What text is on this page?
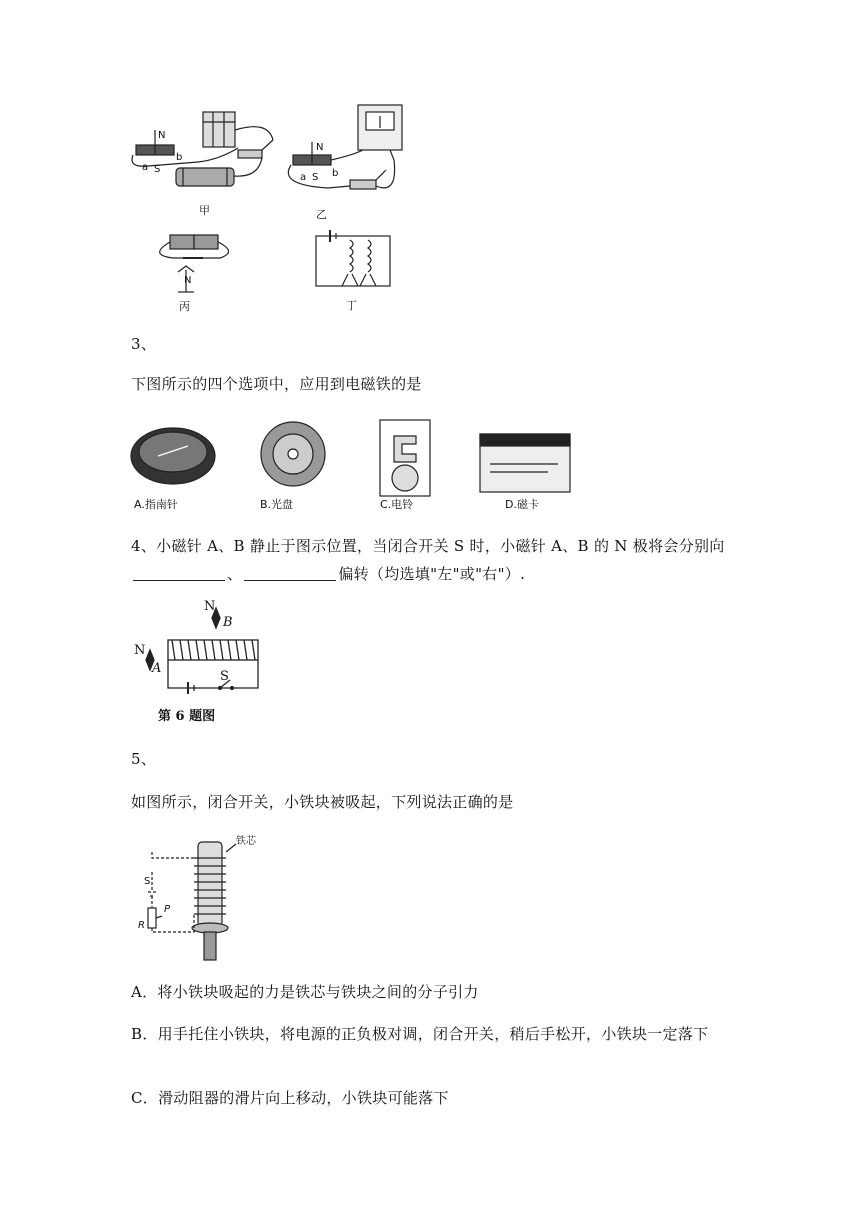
N
a S
b
N
a S b
N
甲	乙
丙	丁

3、

下图所示的四个选项中，应用到电磁铁的是

A.指南针	B.光盘	C.电铃	D.磁卡

4、小磁针 A、B 静止于图示位置，当闭合开关 S 时，小磁针 A、B 的 N 极将会分别向、	偏转（均选填"左"或"右"）.

N
B
N
A
S
第 6 题图

5、

如图所示，闭合开关，小铁块被吸起，下列说法正确的是

铁芯
S
P
R

A．将小铁块吸起的力是铁芯与铁块之间的分子引力

B．用手托住小铁块，将电源的正负极对调，闭合开关，稍后手松开，小铁块一定落下

C．滑动阻器的滑片向上移动，小铁块可能落下
